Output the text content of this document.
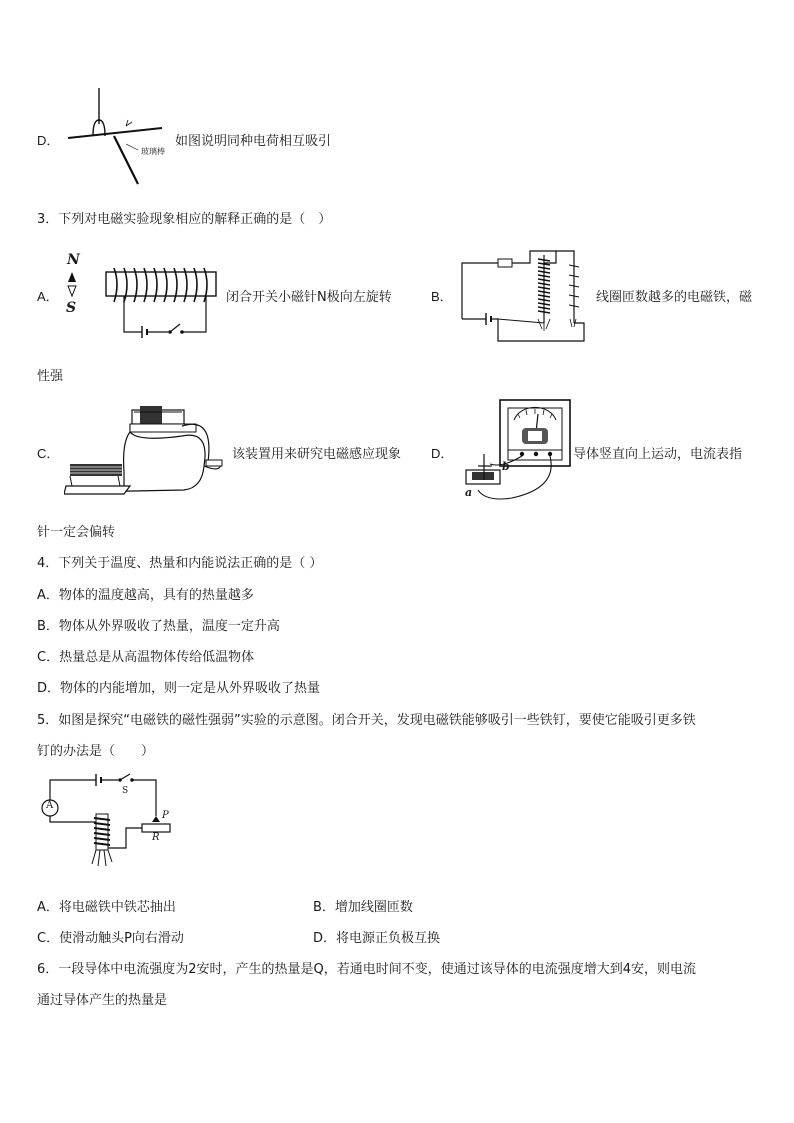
D．
玻璃棒
如图说明同种电荷相互吸引
3．下列对电磁实验现象相应的解释正确的是（　）
A．
N
S
闭合开关小磁针N极向左旋转	B．	线圈匝数越多的电磁铁，磁
性强
C．	该装置用来研究电磁感应现象 D．
b
a
导体竖直向上运动，电流表指
针一定会偏转
4．下列关于温度、热量和内能说法正确的是（ ）
A．物体的温度越高，具有的热量越多
B．物体从外界吸收了热量，温度一定升高
C．热量总是从高温物体传给低温物体
D．物体的内能增加，则一定是从外界吸收了热量
5．如图是探究“电磁铁的磁性强弱”实验的示意图。闭合开关，发现电磁铁能够吸引一些铁钉，要使它能吸引更多铁
钉的办法是（　　）
A
S
P
R
A．将电磁铁中铁芯抽出	B．增加线圈匝数
C．使滑动触头P向右滑动	D．将电源正负极互换
6．一段导体中电流强度为2安时，产生的热量是Q，若通电时间不变，使通过该导体的电流强度增大到4安，则电流
通过导体产生的热量是
